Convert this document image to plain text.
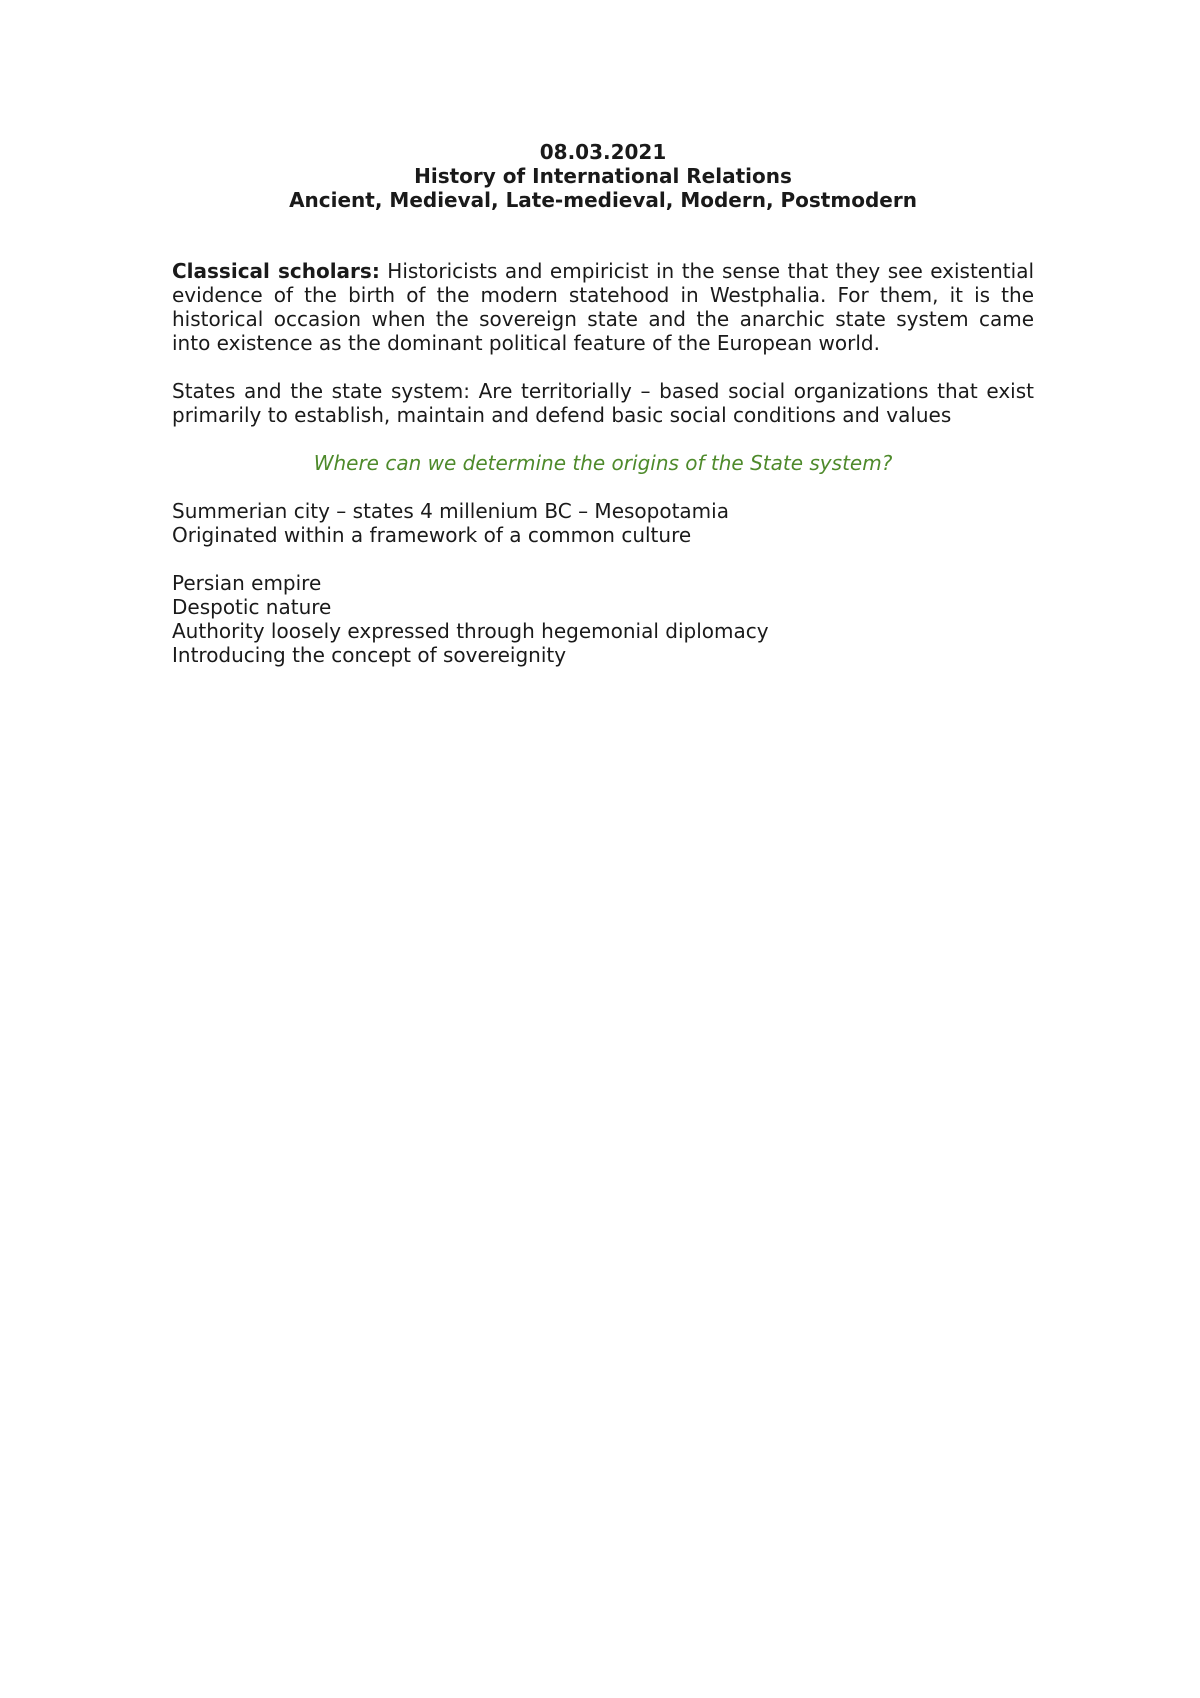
08.03.2021
History of International Relations
Ancient, Medieval, Late-medieval, Modern, Postmodern

Classical scholars: Historicists and empiricist in the sense that they see existential evidence of the birth of the modern statehood in Westphalia. For them, it is the historical occasion when the sovereign state and the anarchic state system came into existence as the dominant political feature of the European world.

States and the state system: Are territorially – based social organizations that exist primarily to establish, maintain and defend basic social conditions and values

Where can we determine the origins of the State system?
Summerian city – states 4 millenium BC – Mesopotamia
Originated within a framework of a common culture
Persian empire
Despotic nature
Authority loosely expressed through hegemonial diplomacy
Introducing the concept of sovereignity
